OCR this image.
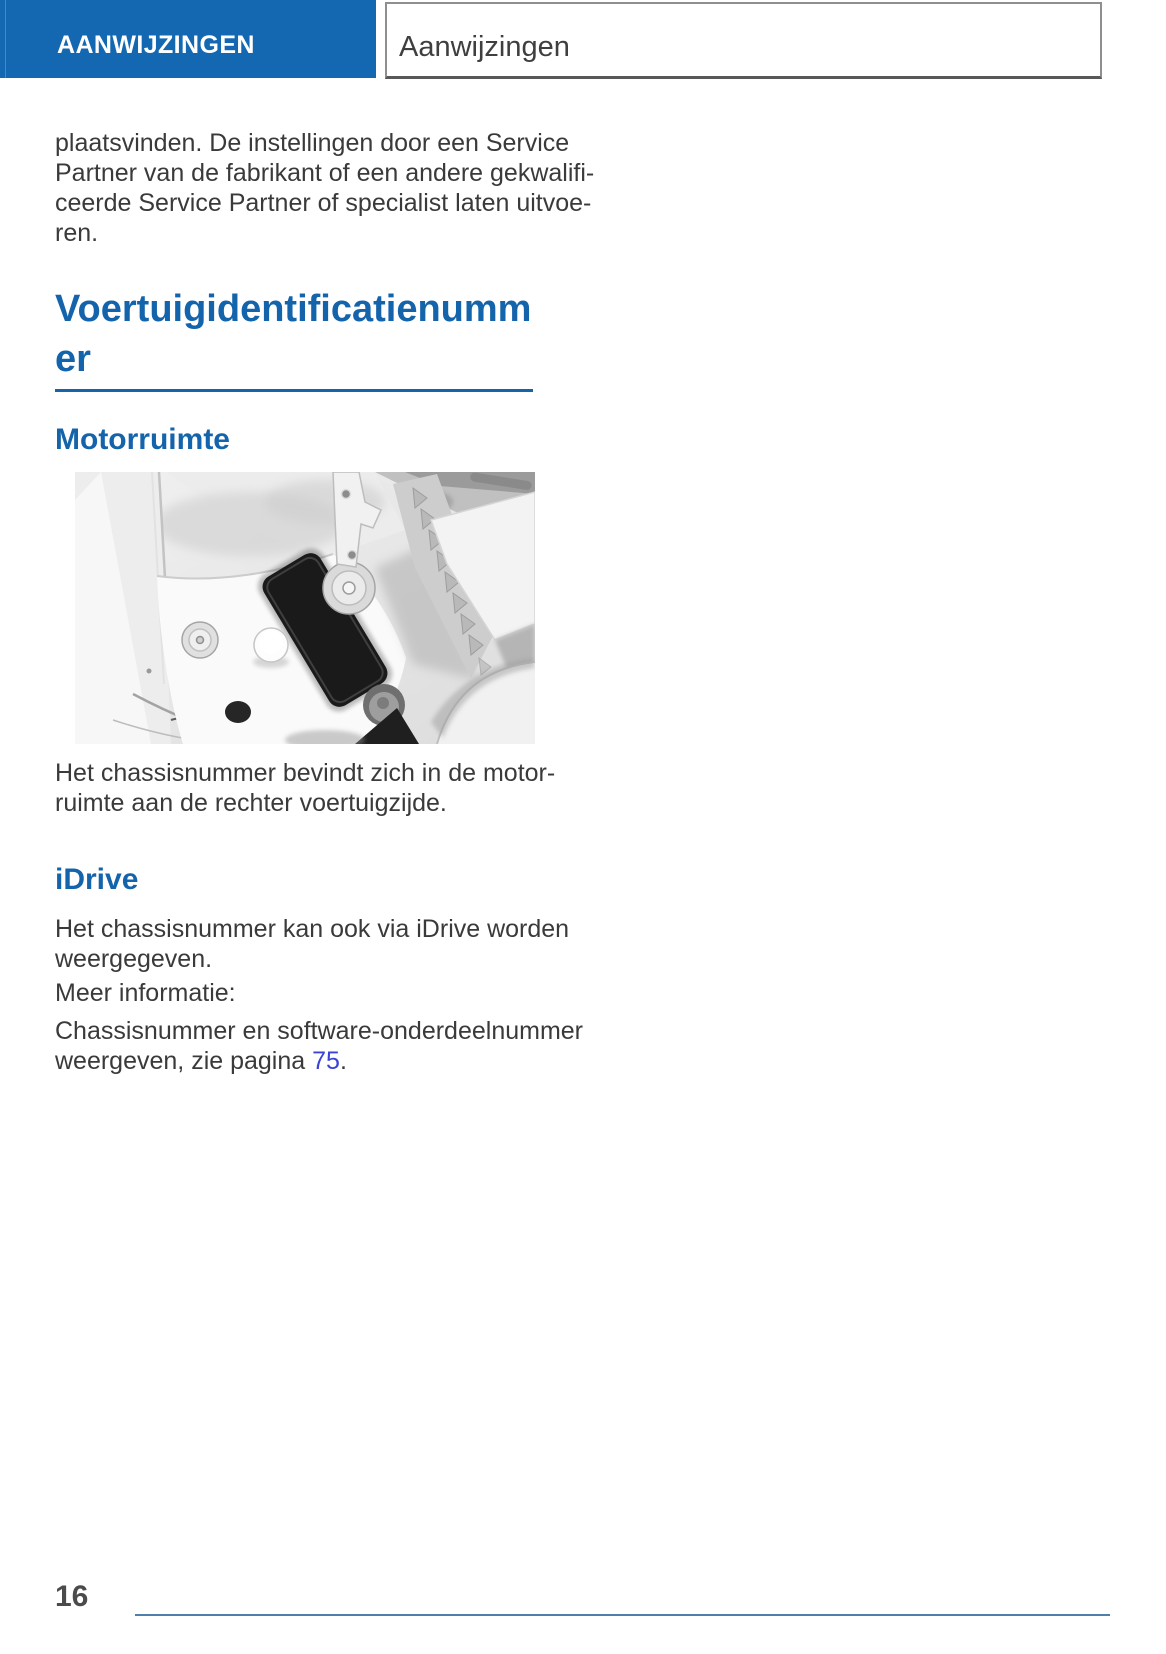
AANWIJZINGEN	Aanwijzingen
plaatsvinden. De instellingen door een Service
Partner van de fabrikant of een andere gekwalifi-
ceerde Service Partner of specialist laten uitvoe-
ren.
Voertuigidentificatienumm
er
Motorruimte
Het chassisnummer bevindt zich in de motor-
ruimte aan de rechter voertuigzijde.
iDrive
Het chassisnummer kan ook via iDrive worden
weergegeven.
Meer informatie:
Chassisnummer en software-onderdeelnummer
weergeven, zie pagina 75.
16
